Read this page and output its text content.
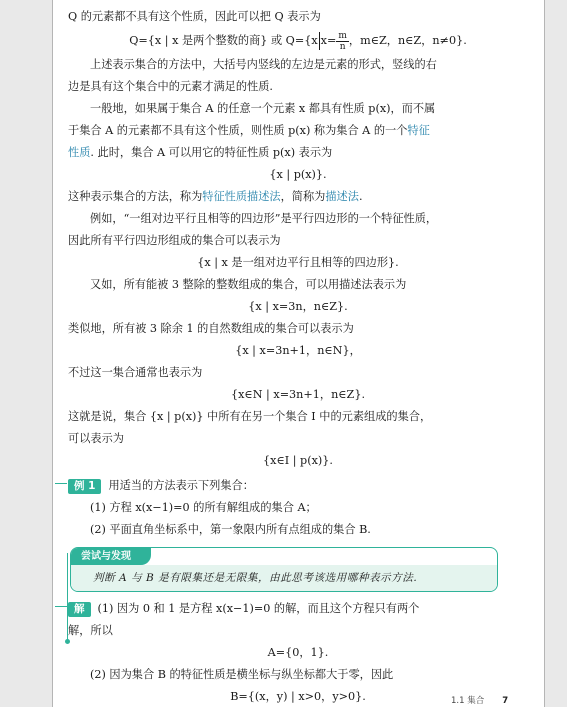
Q 的元素都不具有这个性质，因此可以把 Q 表示为

Q={x | x 是两个整数的商} 或 Q={x $x= \frac{m}{n}$ ，m∈Z，n∈Z，n≠0}.

上述表示集合的方法中，大括号内竖线的左边是元素的形式，竖线的右

边是具有这个集合中的元素才满足的性质.

一般地，如果属于集合 A 的任意一个元素 x 都具有性质 p(x)，而不属

于集合 A 的元素都不具有这个性质，则性质 p(x) 称为集合 A 的一个特征

性质. 此时，集合 A 可以用它的特征性质 p(x) 表示为

{x | p(x)}.

这种表示集合的方法，称为特征性质描述法，简称为描述法.

例如，“一组对边平行且相等的四边形”是平行四边形的一个特征性质，

因此所有平行四边形组成的集合可以表示为

{x | x 是一组对边平行且相等的四边形}.

又如，所有能被 3 整除的整数组成的集合，可以用描述法表示为

{x | x=3n，n∈Z}.

类似地，所有被 3 除余 1 的自然数组成的集合可以表示为

{x | x=3n+1，n∈N}，

不过这一集合通常也表示为

{x∈N | x=3n+1，n∈Z}.

这就是说，集合 {x | p(x)} 中所有在另一个集合 I 中的元素组成的集合，

可以表示为

{x∈I | p(x)}.

例 1 用适当的方法表示下列集合：

(1) 方程 x(x−1)=0 的所有解组成的集合 A；

(2) 平面直角坐标系中，第一象限内所有点组成的集合 B.

尝试与发现
判断 A 与 B 是有限集还是无限集，由此思考该选用哪种表示方法.

解 (1) 因为 0 和 1 是方程 x(x−1)=0 的解，而且这个方程只有两个

解，所以

A={0，1}.

(2) 因为集合 B 的特征性质是横坐标与纵坐标都大于零，因此

B={(x，y) | x>0，y>0}.	1.1 集合 7
